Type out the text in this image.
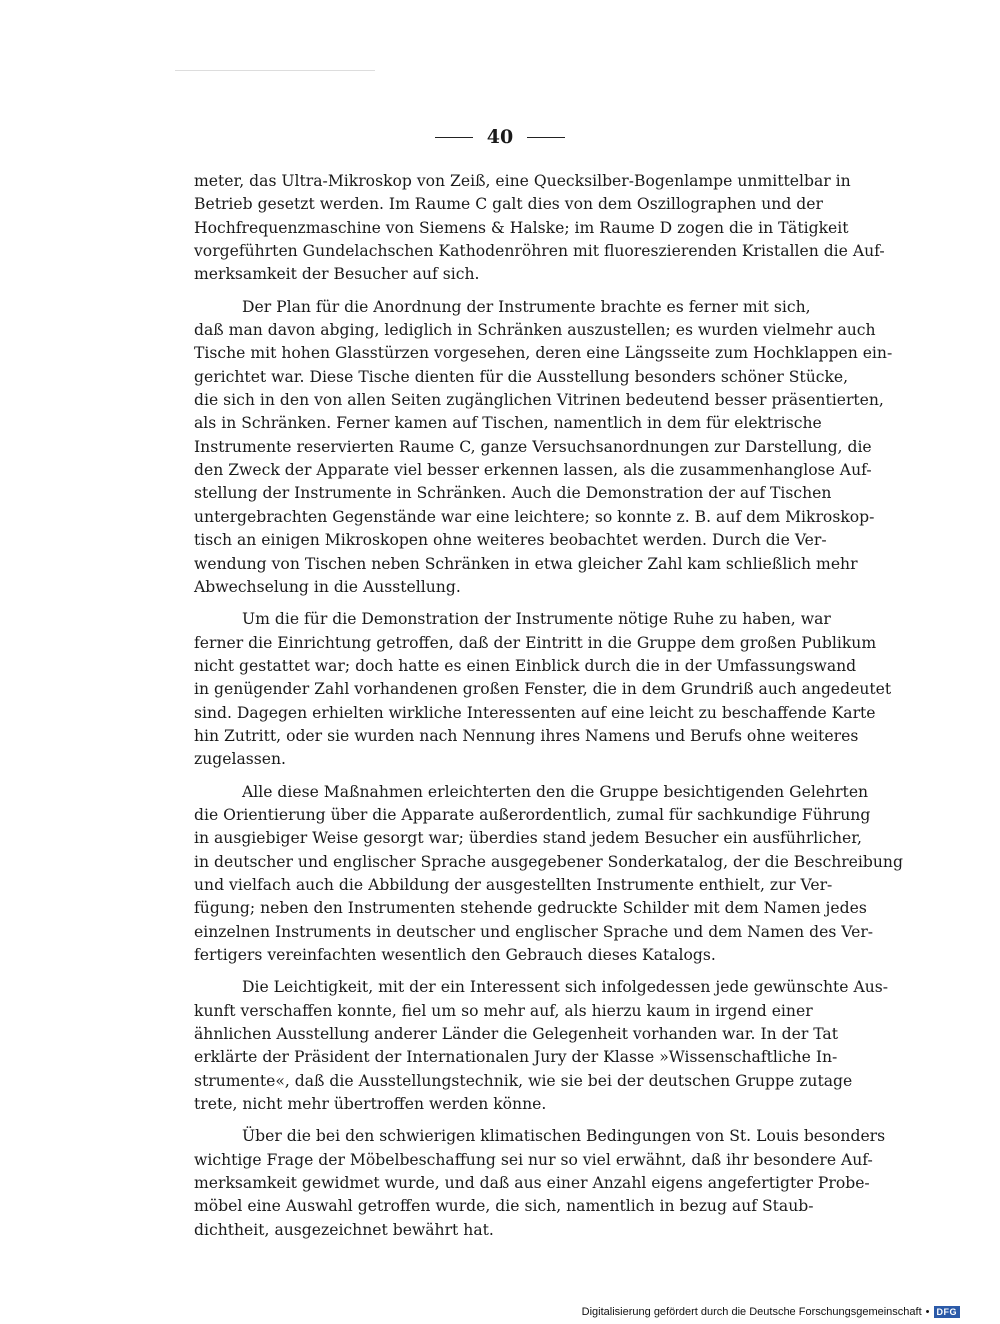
40
meter, das Ultra-Mikroskop von Zeiß, eine Quecksilber-Bogenlampe unmittelbar in
Betrieb gesetzt werden. Im Raume C galt dies von dem Oszillographen und der
Hochfrequenzmaschine von Siemens & Halske; im Raume D zogen die in Tätigkeit
vorgeführten Gundelachschen Kathodenröhren mit fluoreszierenden Kristallen die Auf-
merksamkeit der Besucher auf sich.
Der Plan für die Anordnung der Instrumente brachte es ferner mit sich,
daß man davon abging, lediglich in Schränken auszustellen; es wurden vielmehr auch
Tische mit hohen Glasstürzen vorgesehen, deren eine Längsseite zum Hochklappen ein-
gerichtet war. Diese Tische dienten für die Ausstellung besonders schöner Stücke,
die sich in den von allen Seiten zugänglichen Vitrinen bedeutend besser präsentierten,
als in Schränken. Ferner kamen auf Tischen, namentlich in dem für elektrische
Instrumente reservierten Raume C, ganze Versuchsanordnungen zur Darstellung, die
den Zweck der Apparate viel besser erkennen lassen, als die zusammenhanglose Auf-
stellung der Instrumente in Schränken. Auch die Demonstration der auf Tischen
untergebrachten Gegenstände war eine leichtere; so konnte z. B. auf dem Mikroskop-
tisch an einigen Mikroskopen ohne weiteres beobachtet werden. Durch die Ver-
wendung von Tischen neben Schränken in etwa gleicher Zahl kam schließlich mehr
Abwechselung in die Ausstellung.
Um die für die Demonstration der Instrumente nötige Ruhe zu haben, war
ferner die Einrichtung getroffen, daß der Eintritt in die Gruppe dem großen Publikum
nicht gestattet war; doch hatte es einen Einblick durch die in der Umfassungswand
in genügender Zahl vorhandenen großen Fenster, die in dem Grundriß auch angedeutet
sind. Dagegen erhielten wirkliche Interessenten auf eine leicht zu beschaffende Karte
hin Zutritt, oder sie wurden nach Nennung ihres Namens und Berufs ohne weiteres
zugelassen.
Alle diese Maßnahmen erleichterten den die Gruppe besichtigenden Gelehrten
die Orientierung über die Apparate außerordentlich, zumal für sachkundige Führung
in ausgiebiger Weise gesorgt war; überdies stand jedem Besucher ein ausführlicher,
in deutscher und englischer Sprache ausgegebener Sonderkatalog, der die Beschreibung
und vielfach auch die Abbildung der ausgestellten Instrumente enthielt, zur Ver-
fügung; neben den Instrumenten stehende gedruckte Schilder mit dem Namen jedes
einzelnen Instruments in deutscher und englischer Sprache und dem Namen des Ver-
fertigers vereinfachten wesentlich den Gebrauch dieses Katalogs.
Die Leichtigkeit, mit der ein Interessent sich infolgedessen jede gewünschte Aus-
kunft verschaffen konnte, fiel um so mehr auf, als hierzu kaum in irgend einer
ähnlichen Ausstellung anderer Länder die Gelegenheit vorhanden war. In der Tat
erklärte der Präsident der Internationalen Jury der Klasse »Wissenschaftliche In-
strumente«, daß die Ausstellungstechnik, wie sie bei der deutschen Gruppe zutage
trete, nicht mehr übertroffen werden könne.
Über die bei den schwierigen klimatischen Bedingungen von St. Louis besonders
wichtige Frage der Möbelbeschaffung sei nur so viel erwähnt, daß ihr besondere Auf-
merksamkeit gewidmet wurde, und daß aus einer Anzahl eigens angefertigter Probe-
möbel eine Auswahl getroffen wurde, die sich, namentlich in bezug auf Staub-
dichtheit, ausgezeichnet bewährt hat.
Digitalisierung gefördert durch die Deutsche Forschungsgemeinschaft • DFG
